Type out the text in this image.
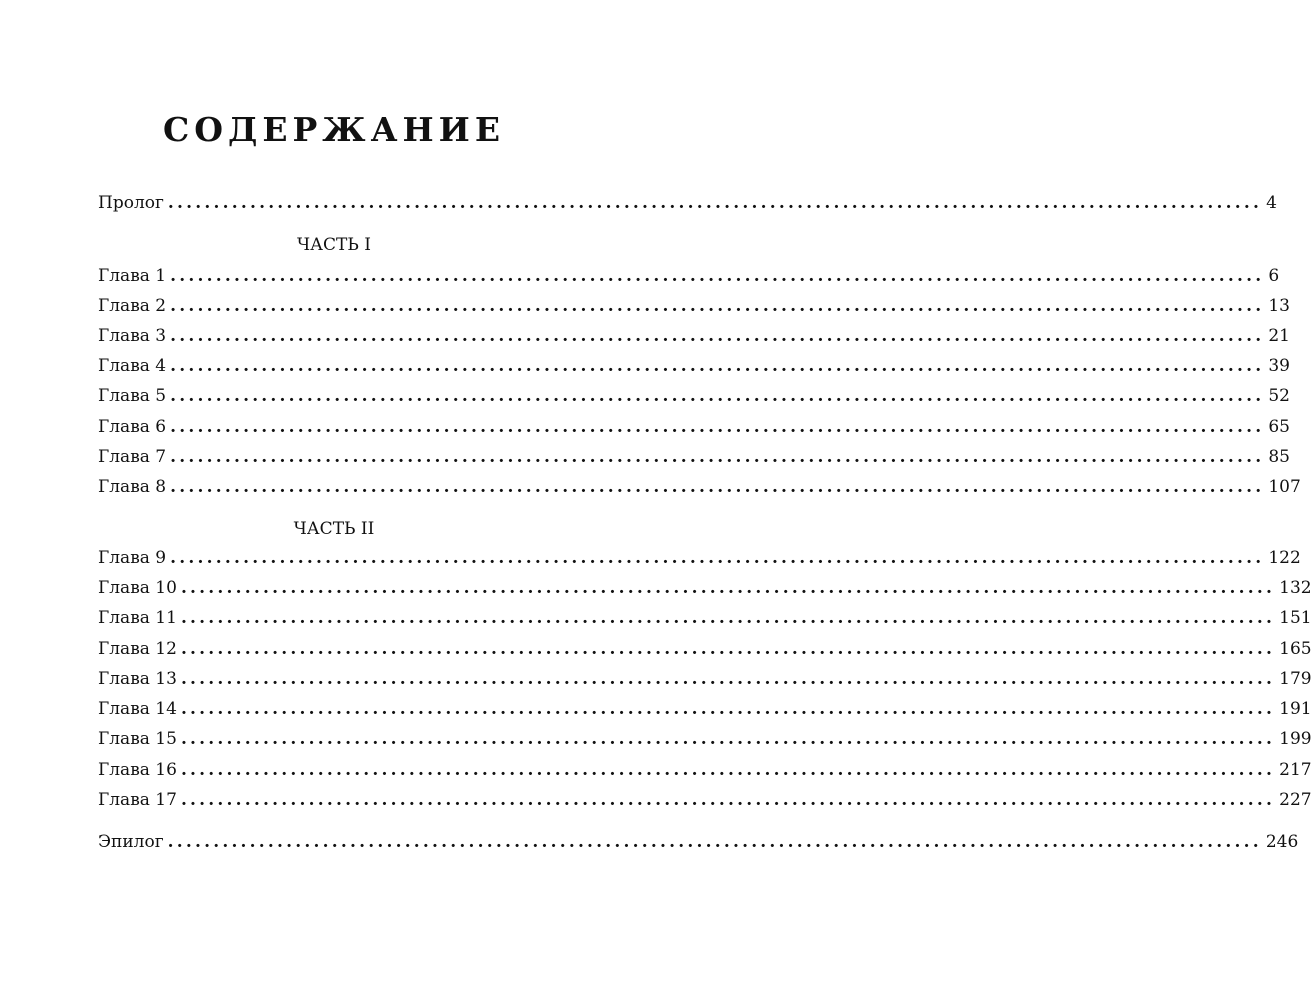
СОДЕРЖАНИЕ
Пролог ........................................................................................................................ 4
ЧАСТЬ I
Глава 1 ........................................................................................................................ 6
Глава 2 ........................................................................................................................ 13
Глава 3 ........................................................................................................................ 21
Глава 4 ........................................................................................................................ 39
Глава 5 ........................................................................................................................ 52
Глава 6 ........................................................................................................................ 65
Глава 7 ........................................................................................................................ 85
Глава 8 ........................................................................................................................ 107
ЧАСТЬ II
Глава 9 ........................................................................................................................ 122
Глава 10 ........................................................................................................................ 132
Глава 11 ........................................................................................................................ 151
Глава 12 ........................................................................................................................ 165
Глава 13 ........................................................................................................................ 179
Глава 14 ........................................................................................................................ 191
Глава 15 ........................................................................................................................ 199
Глава 16 ........................................................................................................................ 217
Глава 17 ........................................................................................................................ 227
Эпилог ........................................................................................................................ 246
